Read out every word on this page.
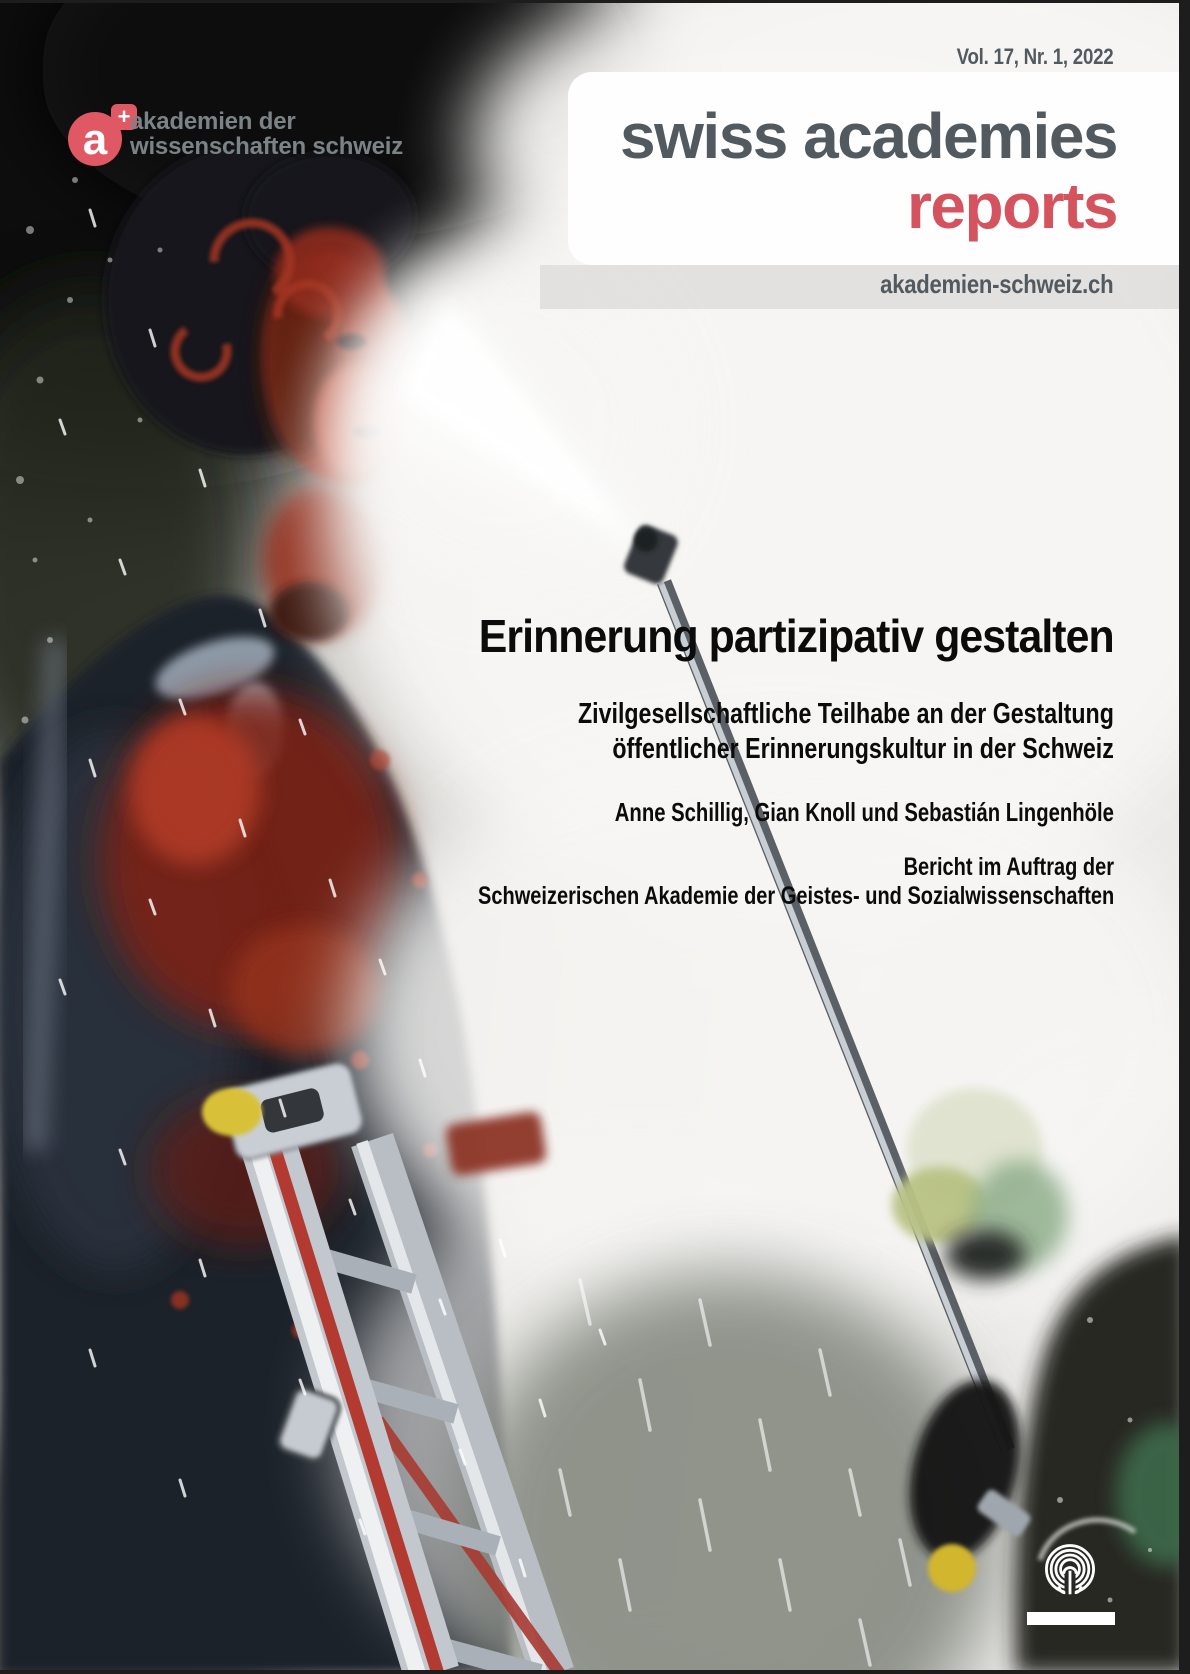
a + akademien der
wissenschaften schweiz
Vol. 17, Nr. 1, 2022
swiss academies
reports
akademien-schweiz.ch
Erinnerung partizipativ gestalten
Zivilgesellschaftliche Teilhabe an der Gestaltung
öffentlicher Erinnerungskultur in der Schweiz
Anne Schillig, Gian Knoll und Sebastián Lingenhöle
Bericht im Auftrag der
Schweizerischen Akademie der Geistes- und Sozialwissenschaften
